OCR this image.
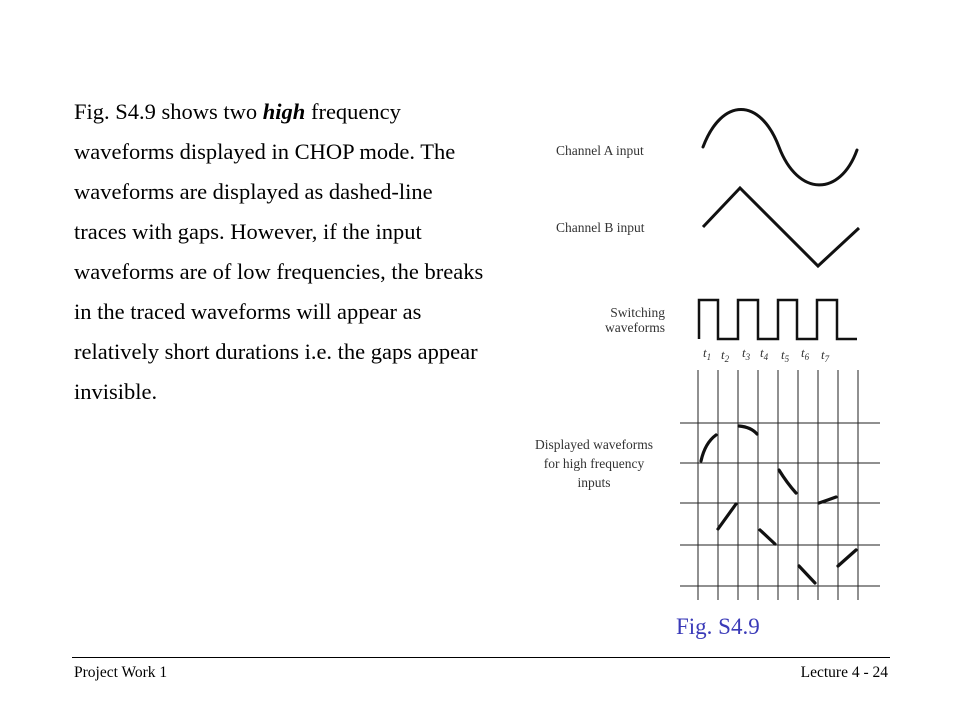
Fig. S4.9 shows two high frequency waveforms displayed in CHOP mode. The waveforms are displayed as dashed-line traces with gaps. However, if the input waveforms are of low frequencies, the breaks in the traced waveforms will appear as relatively short durations i.e. the gaps appear invisible.
Channel A input
Channel B input
Switching
waveforms
Displayed waveforms
for high frequency
inputs
$t_1$ $t_2$ $t_3$ $t_4$ $t_5$ $t_6$ $t_7$
Fig. S4.9
Project Work 1	Lecture 4 - 24
